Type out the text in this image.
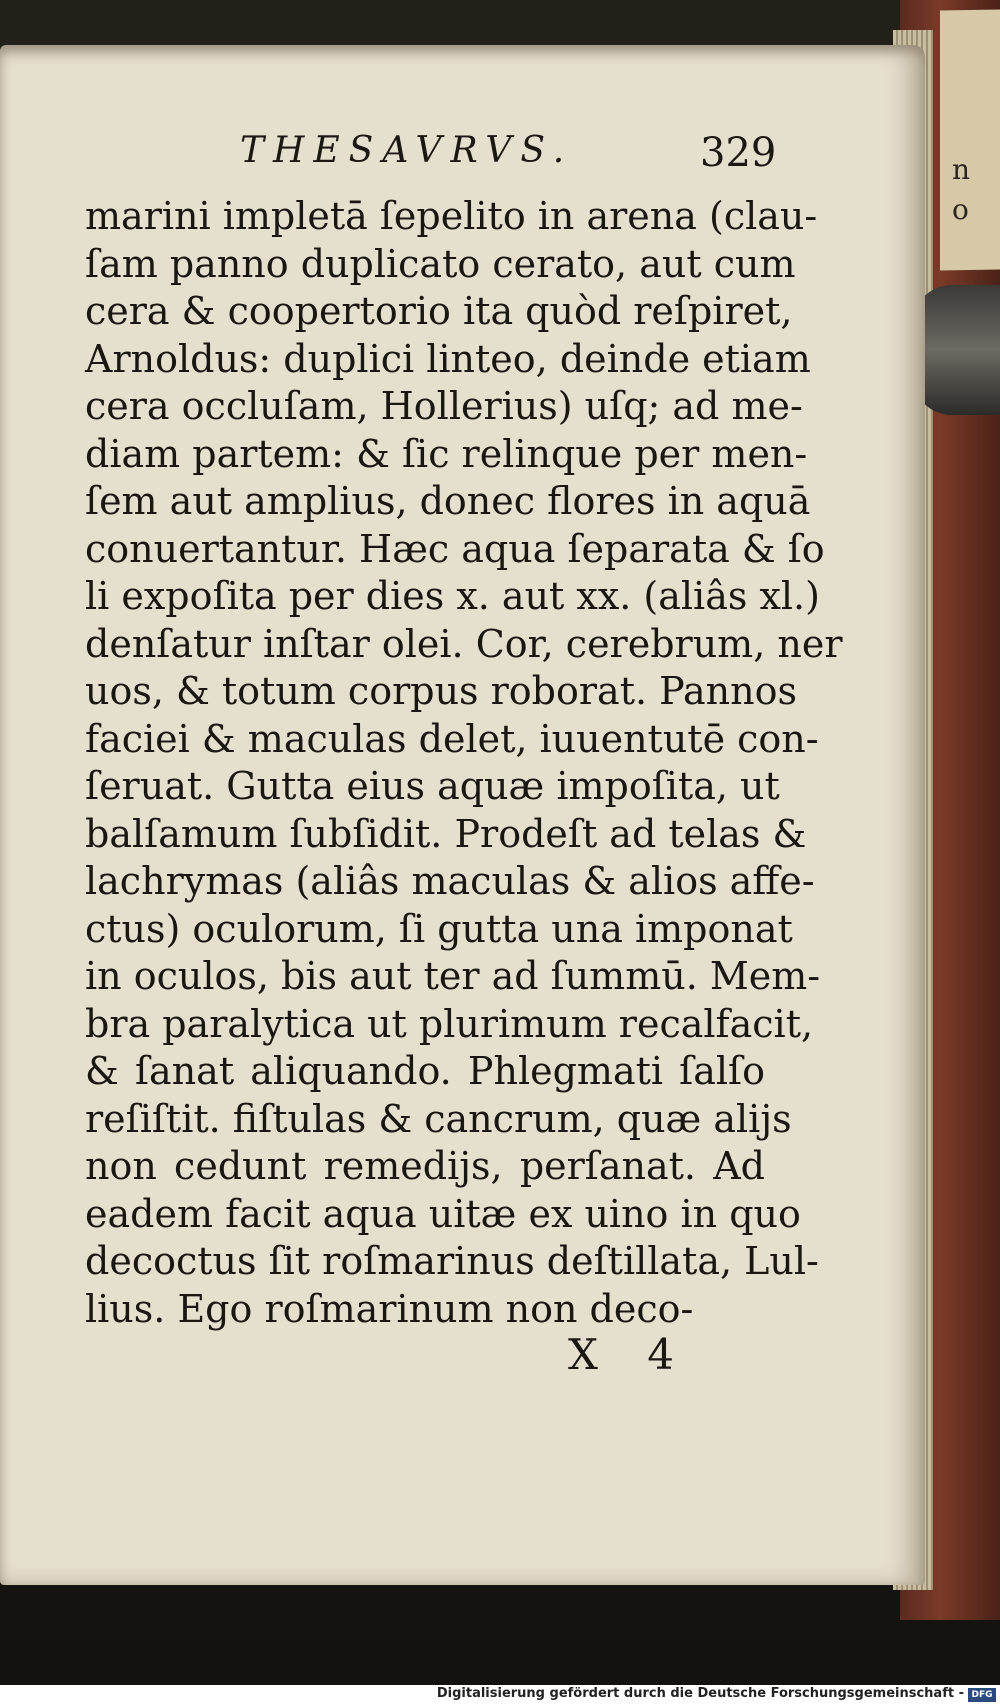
n
o
THESAVRVS.	329
marini impletā ſepelito in arena (clau-
ſam panno duplicato cerato, aut cum
cera & coopertorio ita quòd reſpiret,
Arnoldus: duplici linteo, deinde etiam
cera occluſam, Hollerius) uſq; ad me-
diam partem: & ſic relinque per men-
ſem aut amplius, donec flores in aquā
conuertantur. Hæc aqua ſeparata & ſo
li expoſita per dies x. aut xx. (aliâs xl.)
denſatur inſtar olei. Cor, cerebrum, ner
uos, & totum corpus roborat. Pannos
faciei & maculas delet, iuuentutē con-
ſeruat. Gutta eius aquæ impoſita, ut
balſamum ſubſidit. Prodeſt ad telas &
lachrymas (aliâs maculas & alios affe-
ctus) oculorum, ſi gutta una imponat
in oculos, bis aut ter ad ſummū. Mem-
bra paralytica ut plurimum recalfacit,
& ſanat aliquando. Phlegmati ſalſo
reſiſtit. fiſtulas & cancrum, quæ alijs
non cedunt remedijs, perſanat. Ad
eadem facit aqua uitæ ex uino in quo
decoctus ſit roſmarinus deſtillata, Lul-
lius. Ego roſmarinum non deco-
X 4
Digitalisierung gefördert durch die Deutsche Forschungsgemeinschaft - DFG
